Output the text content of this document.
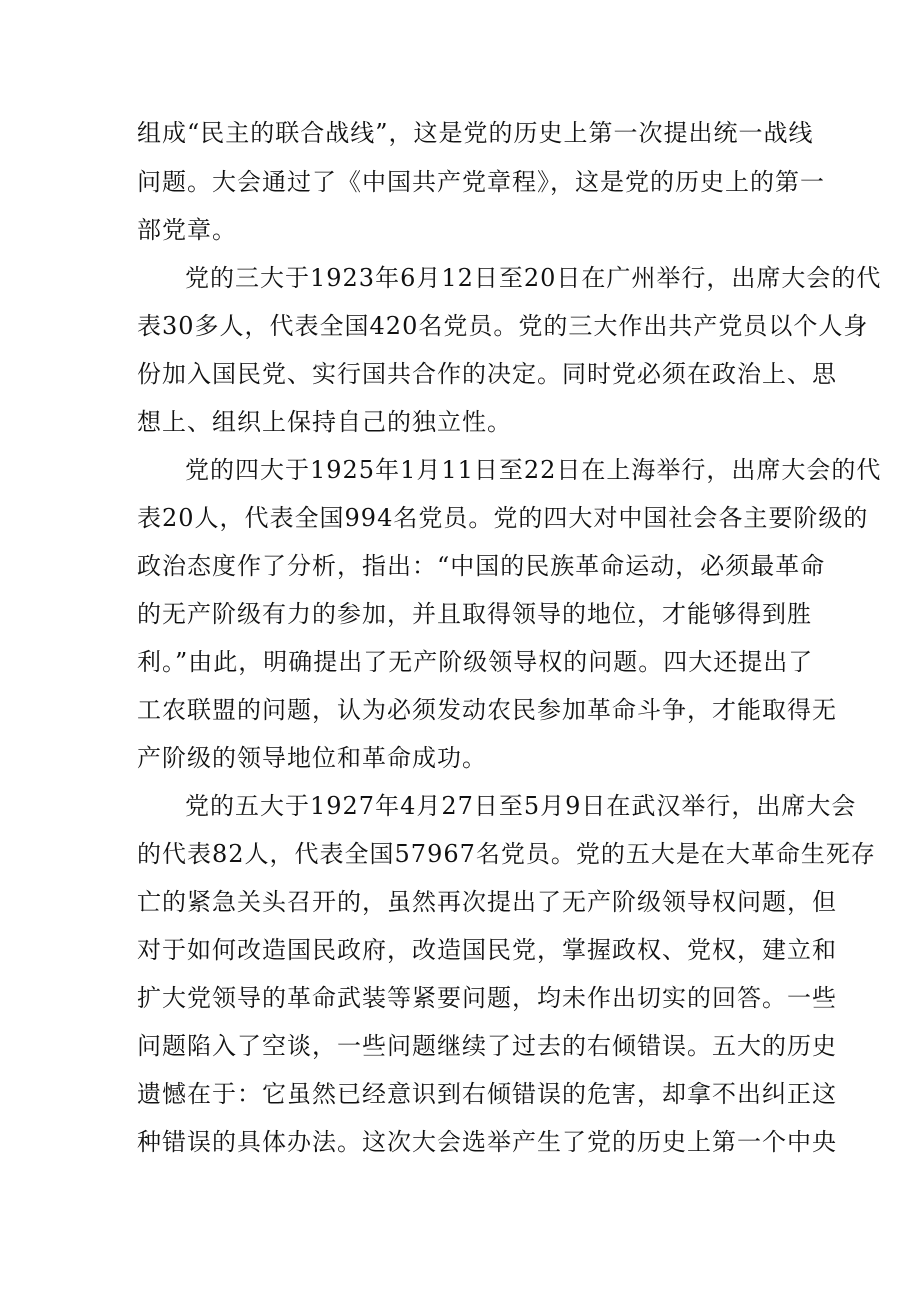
组成“民主的联合战线”，这是党的历史上第一次提出统一战线
问题。大会通过了《中国共产党章程》，这是党的历史上的第一
部党章。
党的三大于1923年6月12日至20日在广州举行，出席大会的代
表30多人，代表全国420名党员。党的三大作出共产党员以个人身
份加入国民党、实行国共合作的决定。同时党必须在政治上、思
想上、组织上保持自己的独立性。
党的四大于1925年1月11日至22日在上海举行，出席大会的代
表20人，代表全国994名党员。党的四大对中国社会各主要阶级的
政治态度作了分析，指出：“中国的民族革命运动，必须最革命
的无产阶级有力的参加，并且取得领导的地位，才能够得到胜
利。”由此，明确提出了无产阶级领导权的问题。四大还提出了
工农联盟的问题，认为必须发动农民参加革命斗争，才能取得无
产阶级的领导地位和革命成功。
党的五大于1927年4月27日至5月9日在武汉举行，出席大会
的代表82人，代表全国57967名党员。党的五大是在大革命生死存
亡的紧急关头召开的，虽然再次提出了无产阶级领导权问题，但
对于如何改造国民政府，改造国民党，掌握政权、党权，建立和
扩大党领导的革命武装等紧要问题，均未作出切实的回答。一些
问题陷入了空谈，一些问题继续了过去的右倾错误。五大的历史
遗憾在于：它虽然已经意识到右倾错误的危害，却拿不出纠正这
种错误的具体办法。这次大会选举产生了党的历史上第一个中央
